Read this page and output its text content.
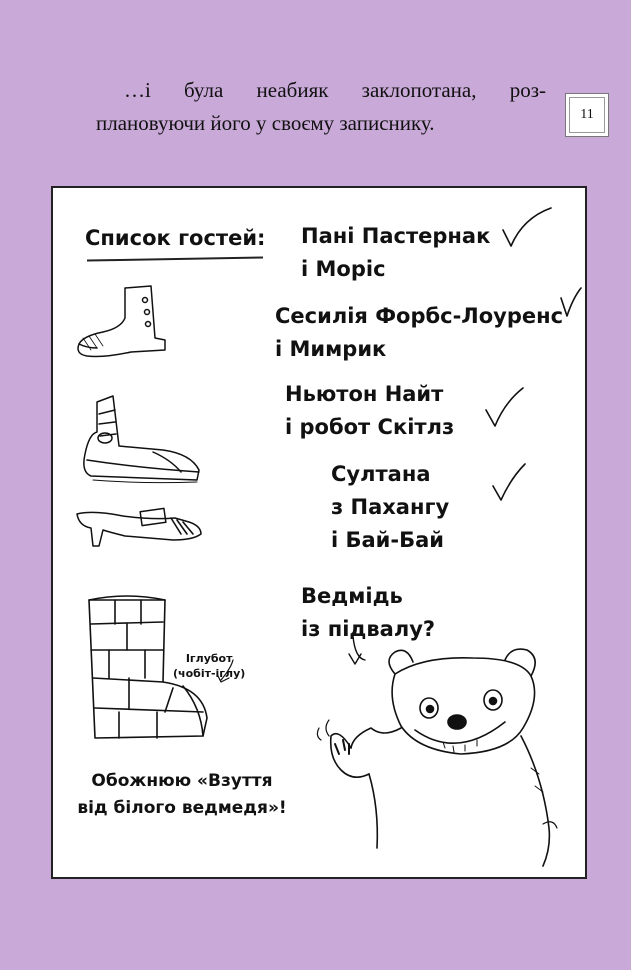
…і була неабияк заклопотана, роз-
плановуючи його у своєму записнику.	11
Список гостей: Пані Пастернак
і Моріс
Сесилія Форбс-Лоуренс
і Мимрик
Ньютон Найт
і робот Скітлз
Султана
з Пахангу
і Бай-Бай
Ведмідь
із підвалу?
Іглубот
(чобіт-іглу)
Обожнюю «Взуття
від білого ведмедя»!
